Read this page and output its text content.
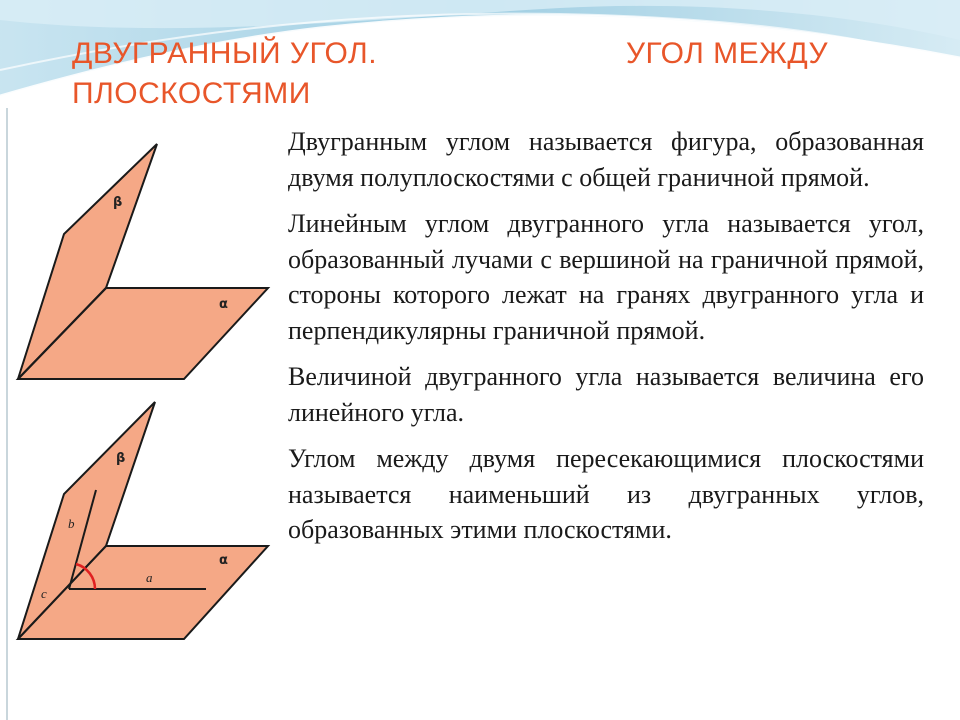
ДВУГРАННЫЙ УГОЛ. ПЛОСКОСТЯМИ
УГОЛ МЕЖДУ
β
α
β
α
b
a
c

Двугранным углом называется фигура, образованная двумя полуплоскостями с общей граничной прямой.

Линейным углом двугранного угла называется угол, образованный лучами с вершиной на граничной прямой, стороны которого лежат на гранях двугранного угла и перпендикулярны граничной прямой.

Величиной двугранного угла называется величина его линейного угла.

Углом между двумя пересекающимися плоскостями называется наименьший из двугранных углов, образованных этими плоскостями.
